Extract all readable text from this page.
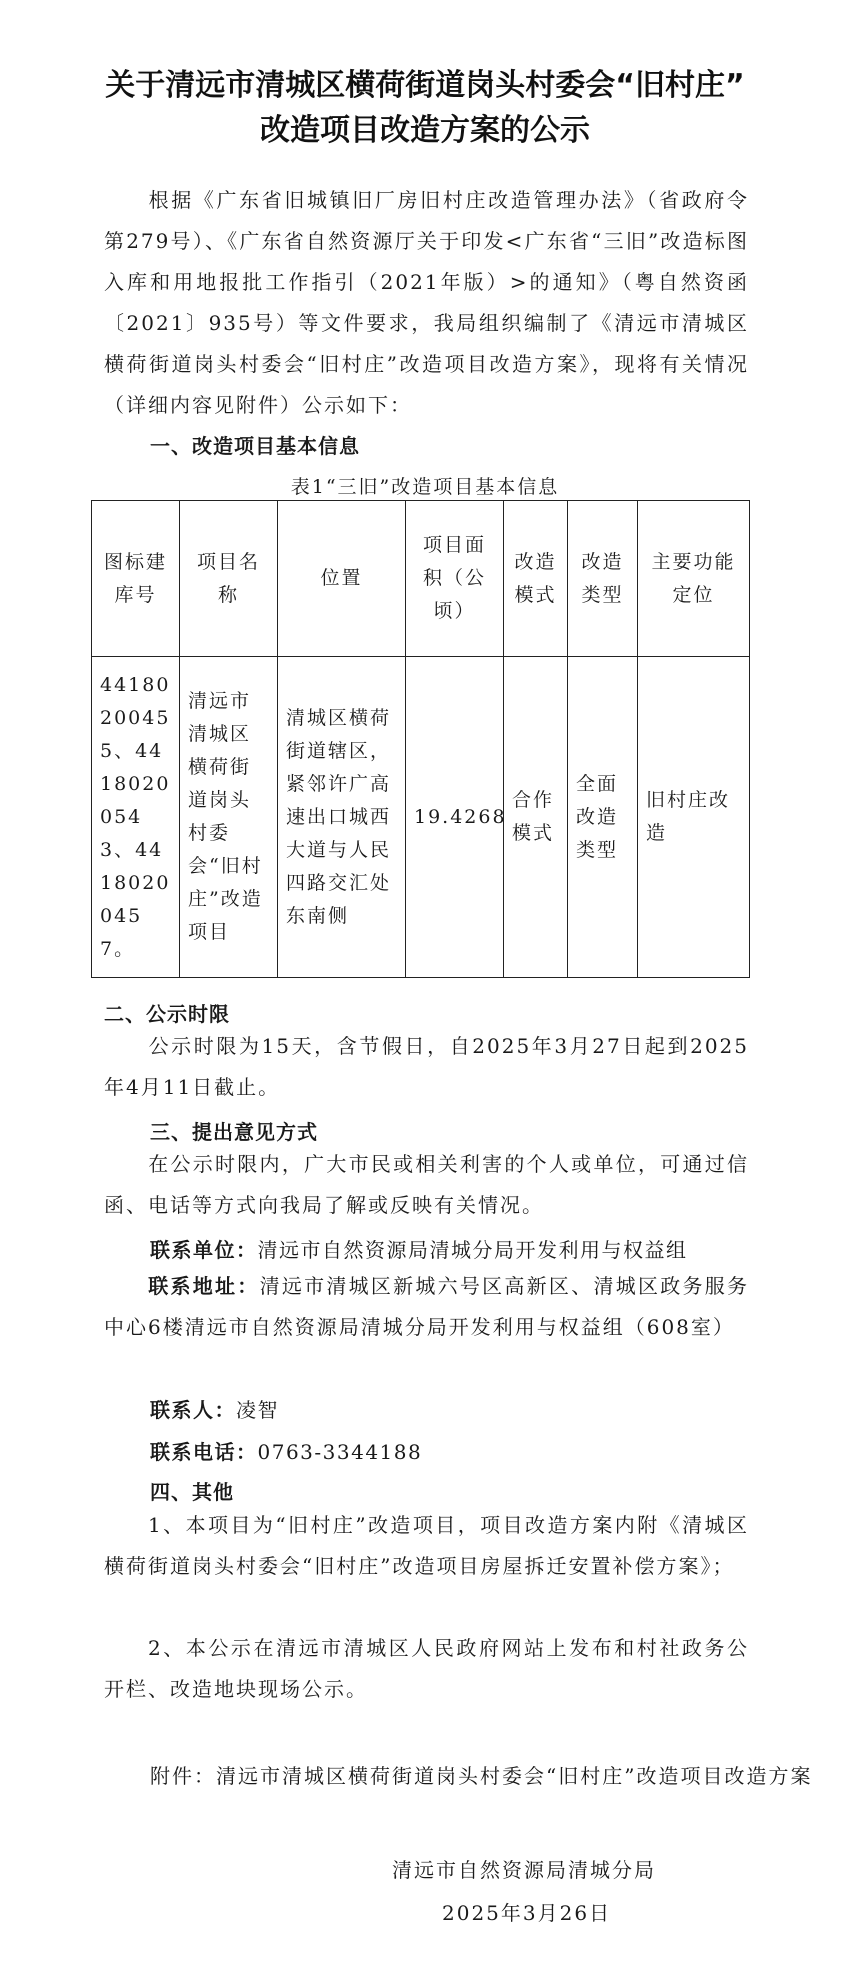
关于清远市清城区横荷街道岗头村委会“旧村庄”
改造项目改造方案的公示

根据《广东省旧城镇旧厂房旧村庄改造管理办法》（省政府令第279号）、《广东省自然资源厅关于印发<广东省“三旧”改造标图入库和用地报批工作指引（2021年版）>的通知》（粤自然资函〔2021〕935号）等文件要求，我局组织编制了《清远市清城区横荷街道岗头村委会“旧村庄”改造项目改造方案》，现将有关情况（详细内容见附件）公示如下：

一、改造项目基本信息
表1“三旧”改造项目基本信息
图标建库号	项目名称	位置	项目面积（公顷）	改造模式	改造类型	主要功能定位
44180200455、44180200543、44180200457。	清远市清城区横荷街道岗头村委会“旧村庄”改造项目	清城区横荷街道辖区，紧邻许广高速出口城西大道与人民四路交汇处东南侧	19.4268	合作模式	全面改造类型	旧村庄改造
二、公示时限

公示时限为15天，含节假日，自2025年3月27日起到2025年4月11日截止。

三、提出意见方式

在公示时限内，广大市民或相关利害的个人或单位，可通过信函、电话等方式向我局了解或反映有关情况。

联系单位：清远市自然资源局清城分局开发利用与权益组

联系地址：清远市清城区新城六号区高新区、清城区政务服务中心6楼清远市自然资源局清城分局开发利用与权益组（608室）

联系人：凌智
联系电话：0763-3344188
四、其他

1、本项目为“旧村庄”改造项目，项目改造方案内附《清城区横荷街道岗头村委会“旧村庄”改造项目房屋拆迁安置补偿方案》；

2、本公示在清远市清城区人民政府网站上发布和村社政务公开栏、改造地块现场公示。

附件：清远市清城区横荷街道岗头村委会“旧村庄”改造项目改造方案
清远市自然资源局清城分局
2025年3月26日
